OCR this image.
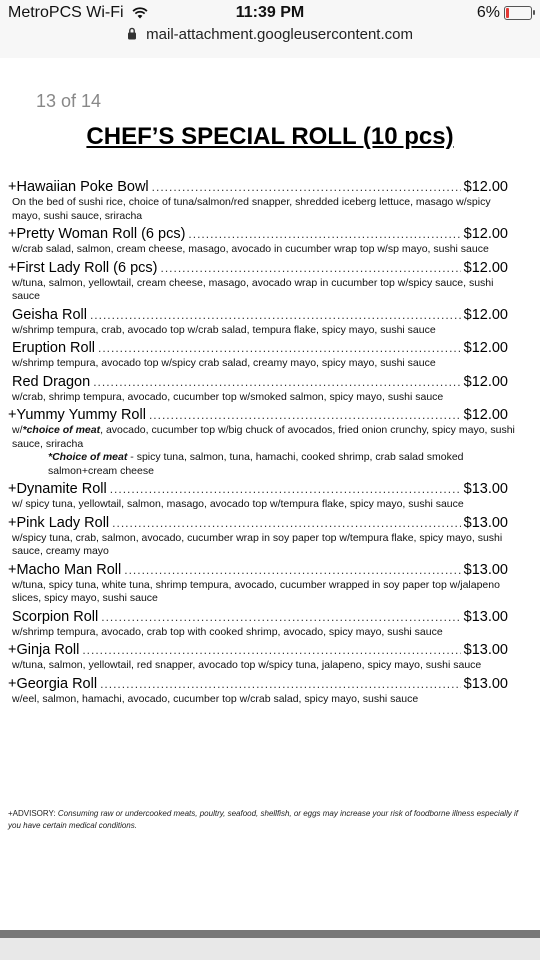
MetroPCS Wi-Fi	11:39 PM	6%
mail-attachment.googleusercontent.com
13 of 14
CHEF’S SPECIAL ROLL (10 pcs)
+Hawaiian Poke Bowl .....	$12.00
On the bed of sushi rice, choice of tuna/salmon/red snapper, shredded iceberg lettuce, masago w/spicy mayo, sushi sauce, sriracha
+Pretty Woman Roll (6 pcs) .....	$12.00
w/crab salad, salmon, cream cheese, masago, avocado in cucumber wrap top w/sp mayo, sushi sauce
+First Lady Roll (6 pcs) .....	$12.00
w/tuna, salmon, yellowtail, cream cheese, masago, avocado wrap in cucumber top w/spicy sauce, sushi sauce
Geisha Roll .....	$12.00
w/shrimp tempura, crab, avocado top w/crab salad, tempura flake, spicy mayo, sushi sauce
Eruption Roll .....	$12.00
w/shrimp tempura, avocado top w/spicy crab salad, creamy mayo, spicy mayo, sushi sauce
Red Dragon .....	$12.00
w/crab, shrimp tempura, avocado, cucumber top w/smoked salmon, spicy mayo, sushi sauce
+Yummy Yummy Roll .....	$12.00
w/*choice of meat, avocado, cucumber top w/big chuck of avocados, fried onion crunchy, spicy mayo, sushi sauce, sriracha
*Choice of meat - spicy tuna, salmon, tuna, hamachi, cooked shrimp, crab salad smoked salmon+cream cheese
+Dynamite Roll .....	$13.00
w/ spicy tuna, yellowtail, salmon, masago, avocado top w/tempura flake, spicy mayo, sushi sauce
+Pink Lady Roll .....	$13.00
w/spicy tuna, crab, salmon, avocado, cucumber wrap in soy paper top w/tempura flake, spicy mayo, sushi sauce, creamy mayo
+Macho Man Roll .....	$13.00
w/tuna, spicy tuna, white tuna, shrimp tempura, avocado, cucumber wrapped in soy paper top w/jalapeno slices, spicy mayo, sushi sauce
Scorpion Roll .....	$13.00
w/shrimp tempura, avocado, crab top with cooked shrimp, avocado, spicy mayo, sushi sauce
+Ginja Roll .....	$13.00
w/tuna, salmon, yellowtail, red snapper, avocado top w/spicy tuna, jalapeno, spicy mayo, sushi sauce
+Georgia Roll .....	$13.00
w/eel, salmon, hamachi, avocado, cucumber top w/crab salad, spicy mayo, sushi sauce
+ADVISORY: Consuming raw or undercooked meats, poultry, seafood, shellfish, or eggs may increase your risk of foodborne illness especially if you have certain medical conditions.
